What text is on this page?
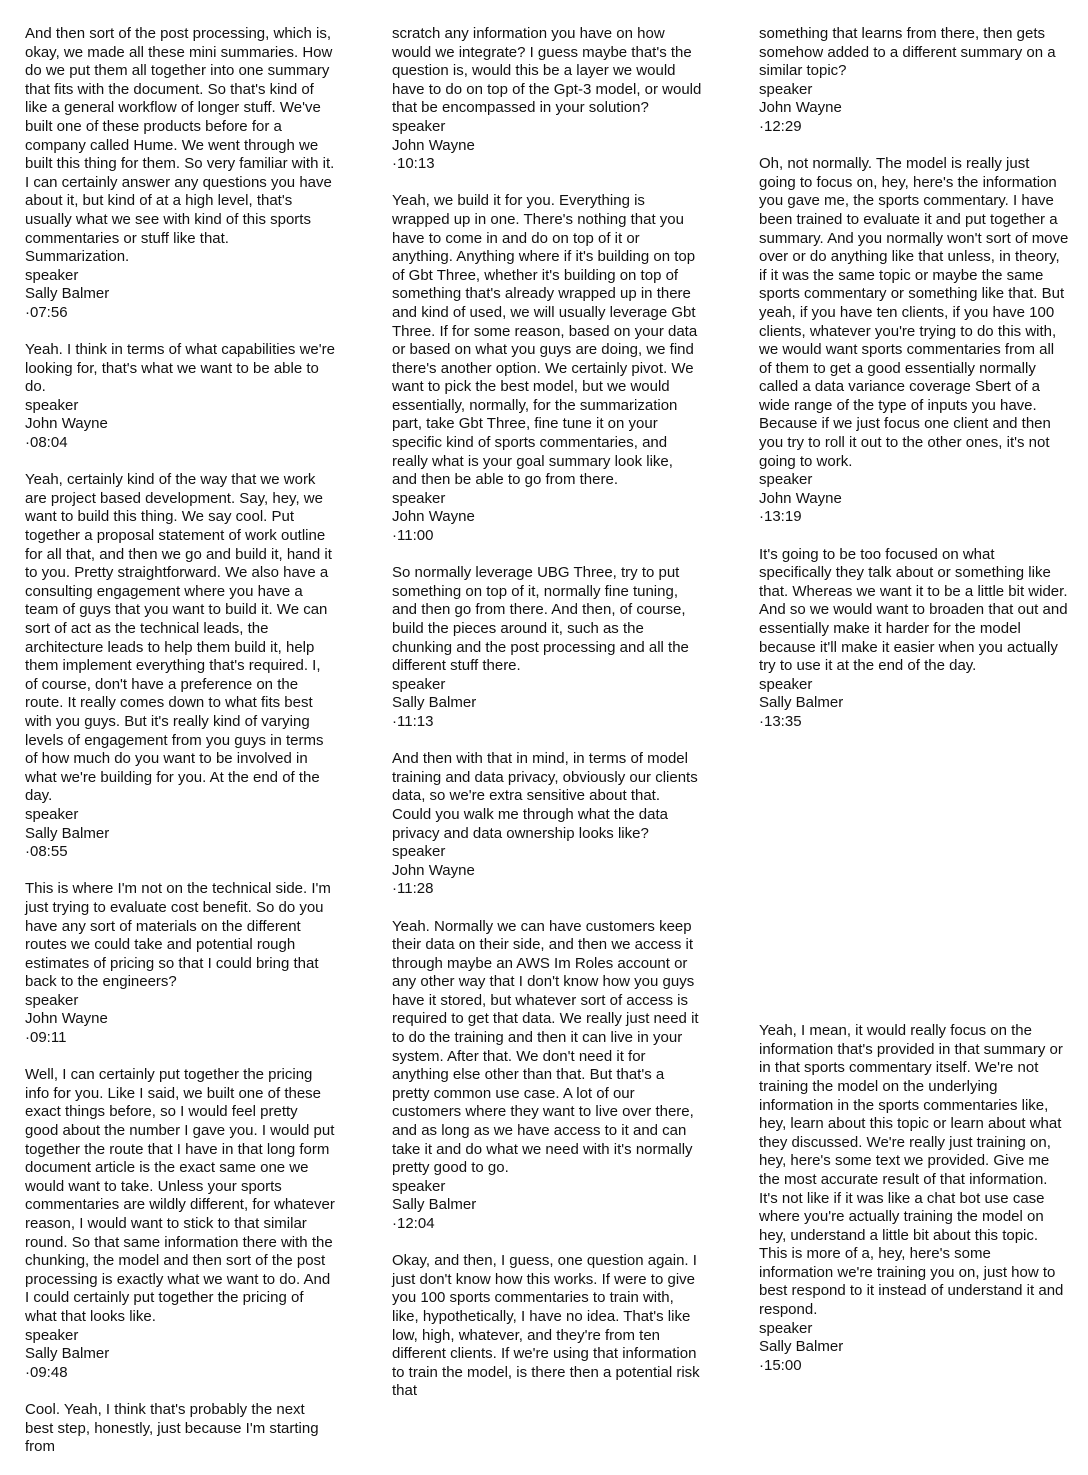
And then sort of the post processing, which is, okay, we made all these mini summaries. How do we put them all together into one summary that fits with the document. So that's kind of like a general workflow of longer stuff. We've built one of these products before for a company called Hume. We went through we built this thing for them. So very familiar with it. I can certainly answer any questions you have about it, but kind of at a high level, that's usually what we see with kind of this sports commentaries or stuff like that. Summarization.

speaker
Sally Balmer
·07:56

Yeah. I think in terms of what capabilities we're looking for, that's what we want to be able to do.

speaker
John Wayne
·08:04

Yeah, certainly kind of the way that we work are project based development. Say, hey, we want to build this thing. We say cool. Put together a proposal statement of work outline for all that, and then we go and build it, hand it to you. Pretty straightforward. We also have a consulting engagement where you have a team of guys that you want to build it. We can sort of act as the technical leads, the architecture leads to help them build it, help them implement everything that's required. I, of course, don't have a preference on the route. It really comes down to what fits best with you guys. But it's really kind of varying levels of engagement from you guys in terms of how much do you want to be involved in what we're building for you. At the end of the day.

speaker
Sally Balmer
·08:55

This is where I'm not on the technical side. I'm just trying to evaluate cost benefit. So do you have any sort of materials on the different routes we could take and potential rough estimates of pricing so that I could bring that back to the engineers?

speaker
John Wayne
·09:11

Well, I can certainly put together the pricing info for you. Like I said, we built one of these exact things before, so I would feel pretty good about the number I gave you. I would put together the route that I have in that long form document article is the exact same one we would want to take. Unless your sports commentaries are wildly different, for whatever reason, I would want to stick to that similar round. So that same information there with the chunking, the model and then sort of the post processing is exactly what we want to do. And I could certainly put together the pricing of what that looks like.

speaker
Sally Balmer
·09:48

Cool. Yeah, I think that's probably the next best step, honestly, just because I'm starting from

scratch any information you have on how would we integrate? I guess maybe that's the question is, would this be a layer we would have to do on top of the Gpt-3 model, or would that be encompassed in your solution?

speaker
John Wayne
·10:13

Yeah, we build it for you. Everything is wrapped up in one. There's nothing that you have to come in and do on top of it or anything. Anything where if it's building on top of Gbt Three, whether it's building on top of something that's already wrapped up in there and kind of used, we will usually leverage Gbt Three. If for some reason, based on your data or based on what you guys are doing, we find there's another option. We certainly pivot. We want to pick the best model, but we would essentially, normally, for the summarization part, take Gbt Three, fine tune it on your specific kind of sports commentaries, and really what is your goal summary look like, and then be able to go from there.

speaker
John Wayne
·11:00

So normally leverage UBG Three, try to put something on top of it, normally fine tuning, and then go from there. And then, of course, build the pieces around it, such as the chunking and the post processing and all the different stuff there.

speaker
Sally Balmer
·11:13

And then with that in mind, in terms of model training and data privacy, obviously our clients data, so we're extra sensitive about that. Could you walk me through what the data privacy and data ownership looks like?

speaker
John Wayne
·11:28

Yeah. Normally we can have customers keep their data on their side, and then we access it through maybe an AWS Im Roles account or any other way that I don't know how you guys have it stored, but whatever sort of access is required to get that data. We really just need it to do the training and then it can live in your system. After that. We don't need it for anything else other than that. But that's a pretty common use case. A lot of our customers where they want to live over there, and as long as we have access to it and can take it and do what we need with it's normally pretty good to go.

speaker
Sally Balmer
·12:04

Okay, and then, I guess, one question again. I just don't know how this works. If were to give you 100 sports commentaries to train with, like, hypothetically, I have no idea. That's like low, high, whatever, and they're from ten different clients. If we're using that information to train the model, is there then a potential risk that

something that learns from there, then gets somehow added to a different summary on a similar topic?

speaker
John Wayne
·12:29

Oh, not normally. The model is really just going to focus on, hey, here's the information you gave me, the sports commentary. I have been trained to evaluate it and put together a summary. And you normally won't sort of move over or do anything like that unless, in theory, if it was the same topic or maybe the same sports commentary or something like that. But yeah, if you have ten clients, if you have 100 clients, whatever you're trying to do this with, we would want sports commentaries from all of them to get a good essentially normally called a data variance coverage Sbert of a wide range of the type of inputs you have. Because if we just focus one client and then you try to roll it out to the other ones, it's not going to work.

speaker
John Wayne
·13:19

It's going to be too focused on what specifically they talk about or something like that. Whereas we want it to be a little bit wider. And so we would want to broaden that out and essentially make it harder for the model because it'll make it easier when you actually try to use it at the end of the day.

speaker
Sally Balmer
·13:35

Yeah, I mean, it would really focus on the information that's provided in that summary or in that sports commentary itself. We're not training the model on the underlying information in the sports commentaries like, hey, learn about this topic or learn about what they discussed. We're really just training on, hey, here's some text we provided. Give me the most accurate result of that information. It's not like if it was like a chat bot use case where you're actually training the model on hey, understand a little bit about this topic. This is more of a, hey, here's some information we're training you on, just how to best respond to it instead of understand it and respond.

speaker
Sally Balmer
·15:00
